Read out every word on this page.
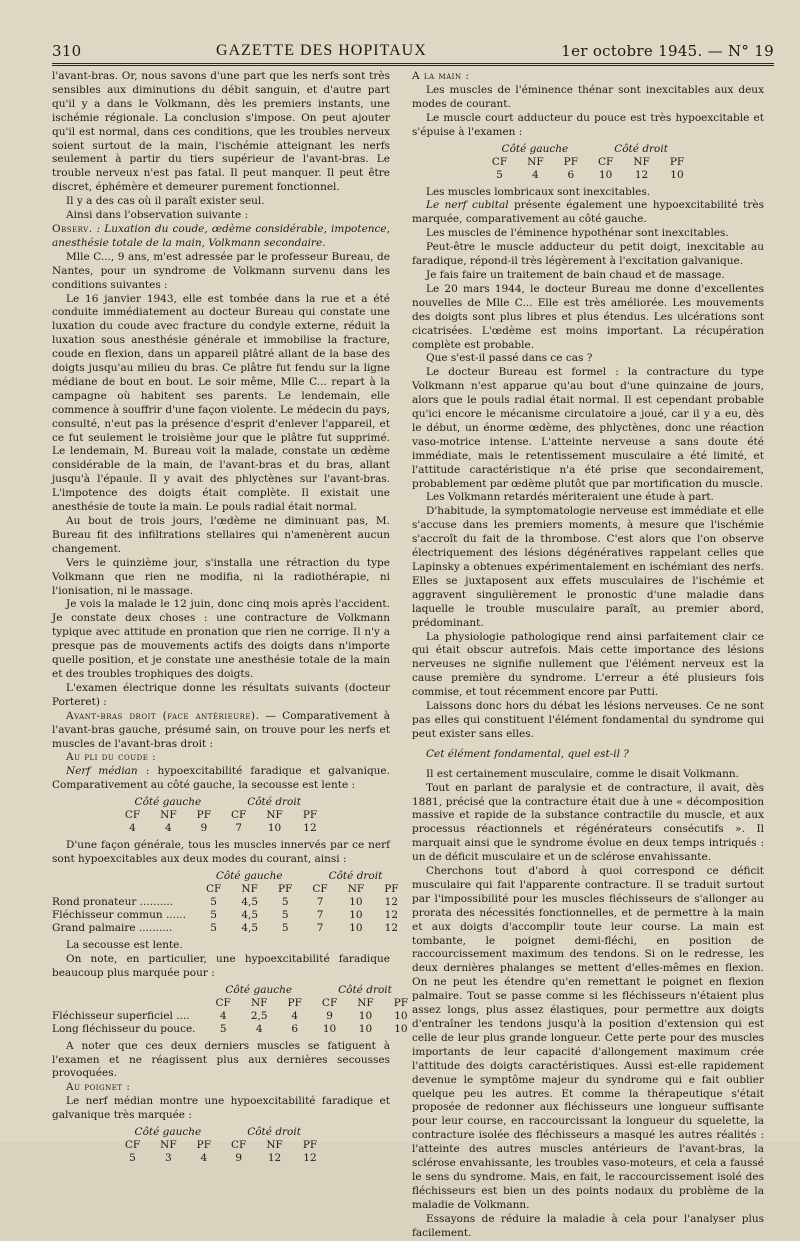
310	GAZETTE DES HOPITAUX	1er octobre 1945. — N° 19

l'avant-bras. Or, nous savons d'une part que les nerfs sont très sensibles aux diminutions du débit sanguin, et d'autre part qu'il y a dans le Volkmann, dès les premiers instants, une ischémie régionale. La conclusion s'impose. On peut ajouter qu'il est normal, dans ces conditions, que les troubles nerveux soient surtout de la main, l'ischémie atteignant les nerfs seulement à partir du tiers supérieur de l'avant-bras. Le trouble nerveux n'est pas fatal. Il peut manquer. Il peut être discret, éphémère et demeurer purement fonctionnel.

Il y a des cas où il paraît exister seul.

Ainsi dans l'observation suivante :

Observ. : Luxation du coude, œdème considérable, impotence, anesthésie totale de la main, Volkmann secondaire.

Mlle C..., 9 ans, m'est adressée par le professeur Bureau, de Nantes, pour un syndrome de Volkmann survenu dans les conditions suivantes :

Le 16 janvier 1943, elle est tombée dans la rue et a été conduite immédiatement au docteur Bureau qui constate une luxation du coude avec fracture du condyle externe, réduit la luxation sous anesthésie générale et immobilise la fracture, coude en flexion, dans un appareil plâtré allant de la base des doigts jusqu'au milieu du bras. Ce plâtre fut fendu sur la ligne médiane de bout en bout. Le soir même, Mlle C... repart à la campagne où habitent ses parents. Le lendemain, elle commence à souffrir d'une façon violente. Le médecin du pays, consulté, n'eut pas la présence d'esprit d'enlever l'appareil, et ce fut seulement le troisième jour que le plâtre fut supprimé. Le lendemain, M. Bureau voit la malade, constate un œdème considérable de la main, de l'avant-bras et du bras, allant jusqu'à l'épaule. Il y avait des phlyctènes sur l'avant-bras. L'impotence des doigts était complète. Il existait une anesthésie de toute la main. Le pouls radial était normal.

Au bout de trois jours, l'œdème ne diminuant pas, M. Bureau fit des infiltrations stellaires qui n'amenèrent aucun changement.

Vers le quinzième jour, s'installa une rétraction du type Volkmann que rien ne modifia, ni la radiothérapie, ni l'ionisation, ni le massage.

Je vois la malade le 12 juin, donc cinq mois après l'accident. Je constate deux choses : une contracture de Volkmann typique avec attitude en pronation que rien ne corrige. Il n'y a presque pas de mouvements actifs des doigts dans n'importe quelle position, et je constate une anesthésie totale de la main et des troubles trophiques des doigts.

L'examen électrique donne les résultats suivants (docteur Porteret) :

Avant-bras droit (face antérieure). — Comparativement à l'avant-bras gauche, présumé sain, on trouve pour les nerfs et muscles de l'avant-bras droit :

Au pli du coude :

Nerf médian : hypoexcitabilité faradique et galvanique. Comparativement au côté gauche, la secousse est lente :

Côté gauche			Côté droit		
CF	NF	PF	CF	NF	PF
4	4	9	7	10	12

D'une façon générale, tous les muscles innervés par ce nerf sont hypoexcitables aux deux modes du courant, ainsi :

	Côté gauche			Côté droit		
	CF	NF	PF	CF	NF	PF
Rond pronateur ..........	5	4,5	5	7	10	12
Fléchisseur commun ......	5	4,5	5	7	10	12
Grand palmaire ..........	5	4,5	5	7	10	12

La secousse est lente.

On note, en particulier, une hypoexcitabilité faradique beaucoup plus marquée pour :

	Côté gauche			Côté droit		
	CF	NF	PF	CF	NF	PF
Fléchisseur superficiel ....	4	2,5	4	9	10	10
Long fléchisseur du pouce.	5	4	6	10	10	10

A noter que ces deux derniers muscles se fatiguent à l'examen et ne réagissent plus aux dernières secousses provoquées.

Au poignet :

Le nerf médian montre une hypoexcitabilité faradique et galvanique très marquée :

Côté gauche			Côté droit		
CF	NF	PF	CF	NF	PF
5	3	4	9	12	12

A la main :

Les muscles de l'éminence thénar sont inexcitables aux deux modes de courant.

Le muscle court adducteur du pouce est très hypoexcitable et s'épuise à l'examen :

Côté gauche			Côté droit		
CF	NF	PF	CF	NF	PF
5	4	6	10	12	10

Les muscles lombricaux sont inexcitables.

Le nerf cubital présente également une hypoexcitabilité très marquée, comparativement au côté gauche.

Les muscles de l'éminence hypothénar sont inexcitables.

Peut-être le muscle adducteur du petit doigt, inexcitable au faradique, répond-il très légèrement à l'excitation galvanique.

Je fais faire un traitement de bain chaud et de massage.

Le 20 mars 1944, le docteur Bureau me donne d'excellentes nouvelles de Mlle C... Elle est très améliorée. Les mouvements des doigts sont plus libres et plus étendus. Les ulcérations sont cicatrisées. L'œdème est moins important. La récupération complète est probable.

Que s'est-il passé dans ce cas ?

Le docteur Bureau est formel : la contracture du type Volkmann n'est apparue qu'au bout d'une quinzaine de jours, alors que le pouls radial était normal. Il est cependant probable qu'ici encore le mécanisme circulatoire a joué, car il y a eu, dès le début, un énorme œdème, des phlyctènes, donc une réaction vaso-motrice intense. L'atteinte nerveuse a sans doute été immédiate, mais le retentissement musculaire a été limité, et l'attitude caractéristique n'a été prise que secondairement, probablement par œdème plutôt que par mortification du muscle.

Les Volkmann retardés mériteraient une étude à part.

D'habitude, la symptomatologie nerveuse est immédiate et elle s'accuse dans les premiers moments, à mesure que l'ischémie s'accroît du fait de la thrombose. C'est alors que l'on observe électriquement des lésions dégénératives rappelant celles que Lapinsky a obtenues expérimentalement en ischémiant des nerfs. Elles se juxtaposent aux effets musculaires de l'ischémie et aggravent singulièrement le pronostic d'une maladie dans laquelle le trouble musculaire paraît, au premier abord, prédominant.

La physiologie pathologique rend ainsi parfaitement clair ce qui était obscur autrefois. Mais cette importance des lésions nerveuses ne signifie nullement que l'élément nerveux est la cause première du syndrome. L'erreur a été plusieurs fois commise, et tout récemment encore par Putti.

Laissons donc hors du débat les lésions nerveuses. Ce ne sont pas elles qui constituent l'élément fondamental du syndrome qui peut exister sans elles.

Cet élément fondamental, quel est-il ?

Il est certainement musculaire, comme le disait Volkmann.

Tout en parlant de paralysie et de contracture, il avait, dès 1881, précisé que la contracture était due à une « décomposition massive et rapide de la substance contractile du muscle, et aux processus réactionnels et régénérateurs consécutifs ». Il marquait ainsi que le syndrome évolue en deux temps intriqués : un de déficit musculaire et un de sclérose envahissante.

Cherchons tout d'abord à quoi correspond ce déficit musculaire qui fait l'apparente contracture. Il se traduit surtout par l'impossibilité pour les muscles fléchisseurs de s'allonger au prorata des nécessités fonctionnelles, et de permettre à la main et aux doigts d'accomplir toute leur course. La main est tombante, le poignet demi-fléchi, en position de raccourcissement maximum des tendons. Si on le redresse, les deux dernières phalanges se mettent d'elles-mêmes en flexion. On ne peut les étendre qu'en remettant le poignet en flexion palmaire. Tout se passe comme si les fléchisseurs n'étaient plus assez longs, plus assez élastiques, pour permettre aux doigts d'entraîner les tendons jusqu'à la position d'extension qui est celle de leur plus grande longueur. Cette perte pour des muscles importants de leur capacité d'allongement maximum crée l'attitude des doigts caractéristiques. Aussi est-elle rapidement devenue le symptôme majeur du syndrome qui e fait oublier quelque peu les autres. Et comme la thérapeutique s'était proposée de redonner aux fléchisseurs une longueur suffisante pour leur course, en raccourcissant la longueur du squelette, la contracture isolée des fléchisseurs a masqué les autres réalités : l'atteinte des autres muscles antérieurs de l'avant-bras, la sclérose envahissante, les troubles vaso-moteurs, et cela a faussé le sens du syndrome. Mais, en fait, le raccourcissement isolé des fléchisseurs est bien un des points nodaux du problème de la maladie de Volkmann.

Essayons de réduire la maladie à cela pour l'analyser plus facilement.
